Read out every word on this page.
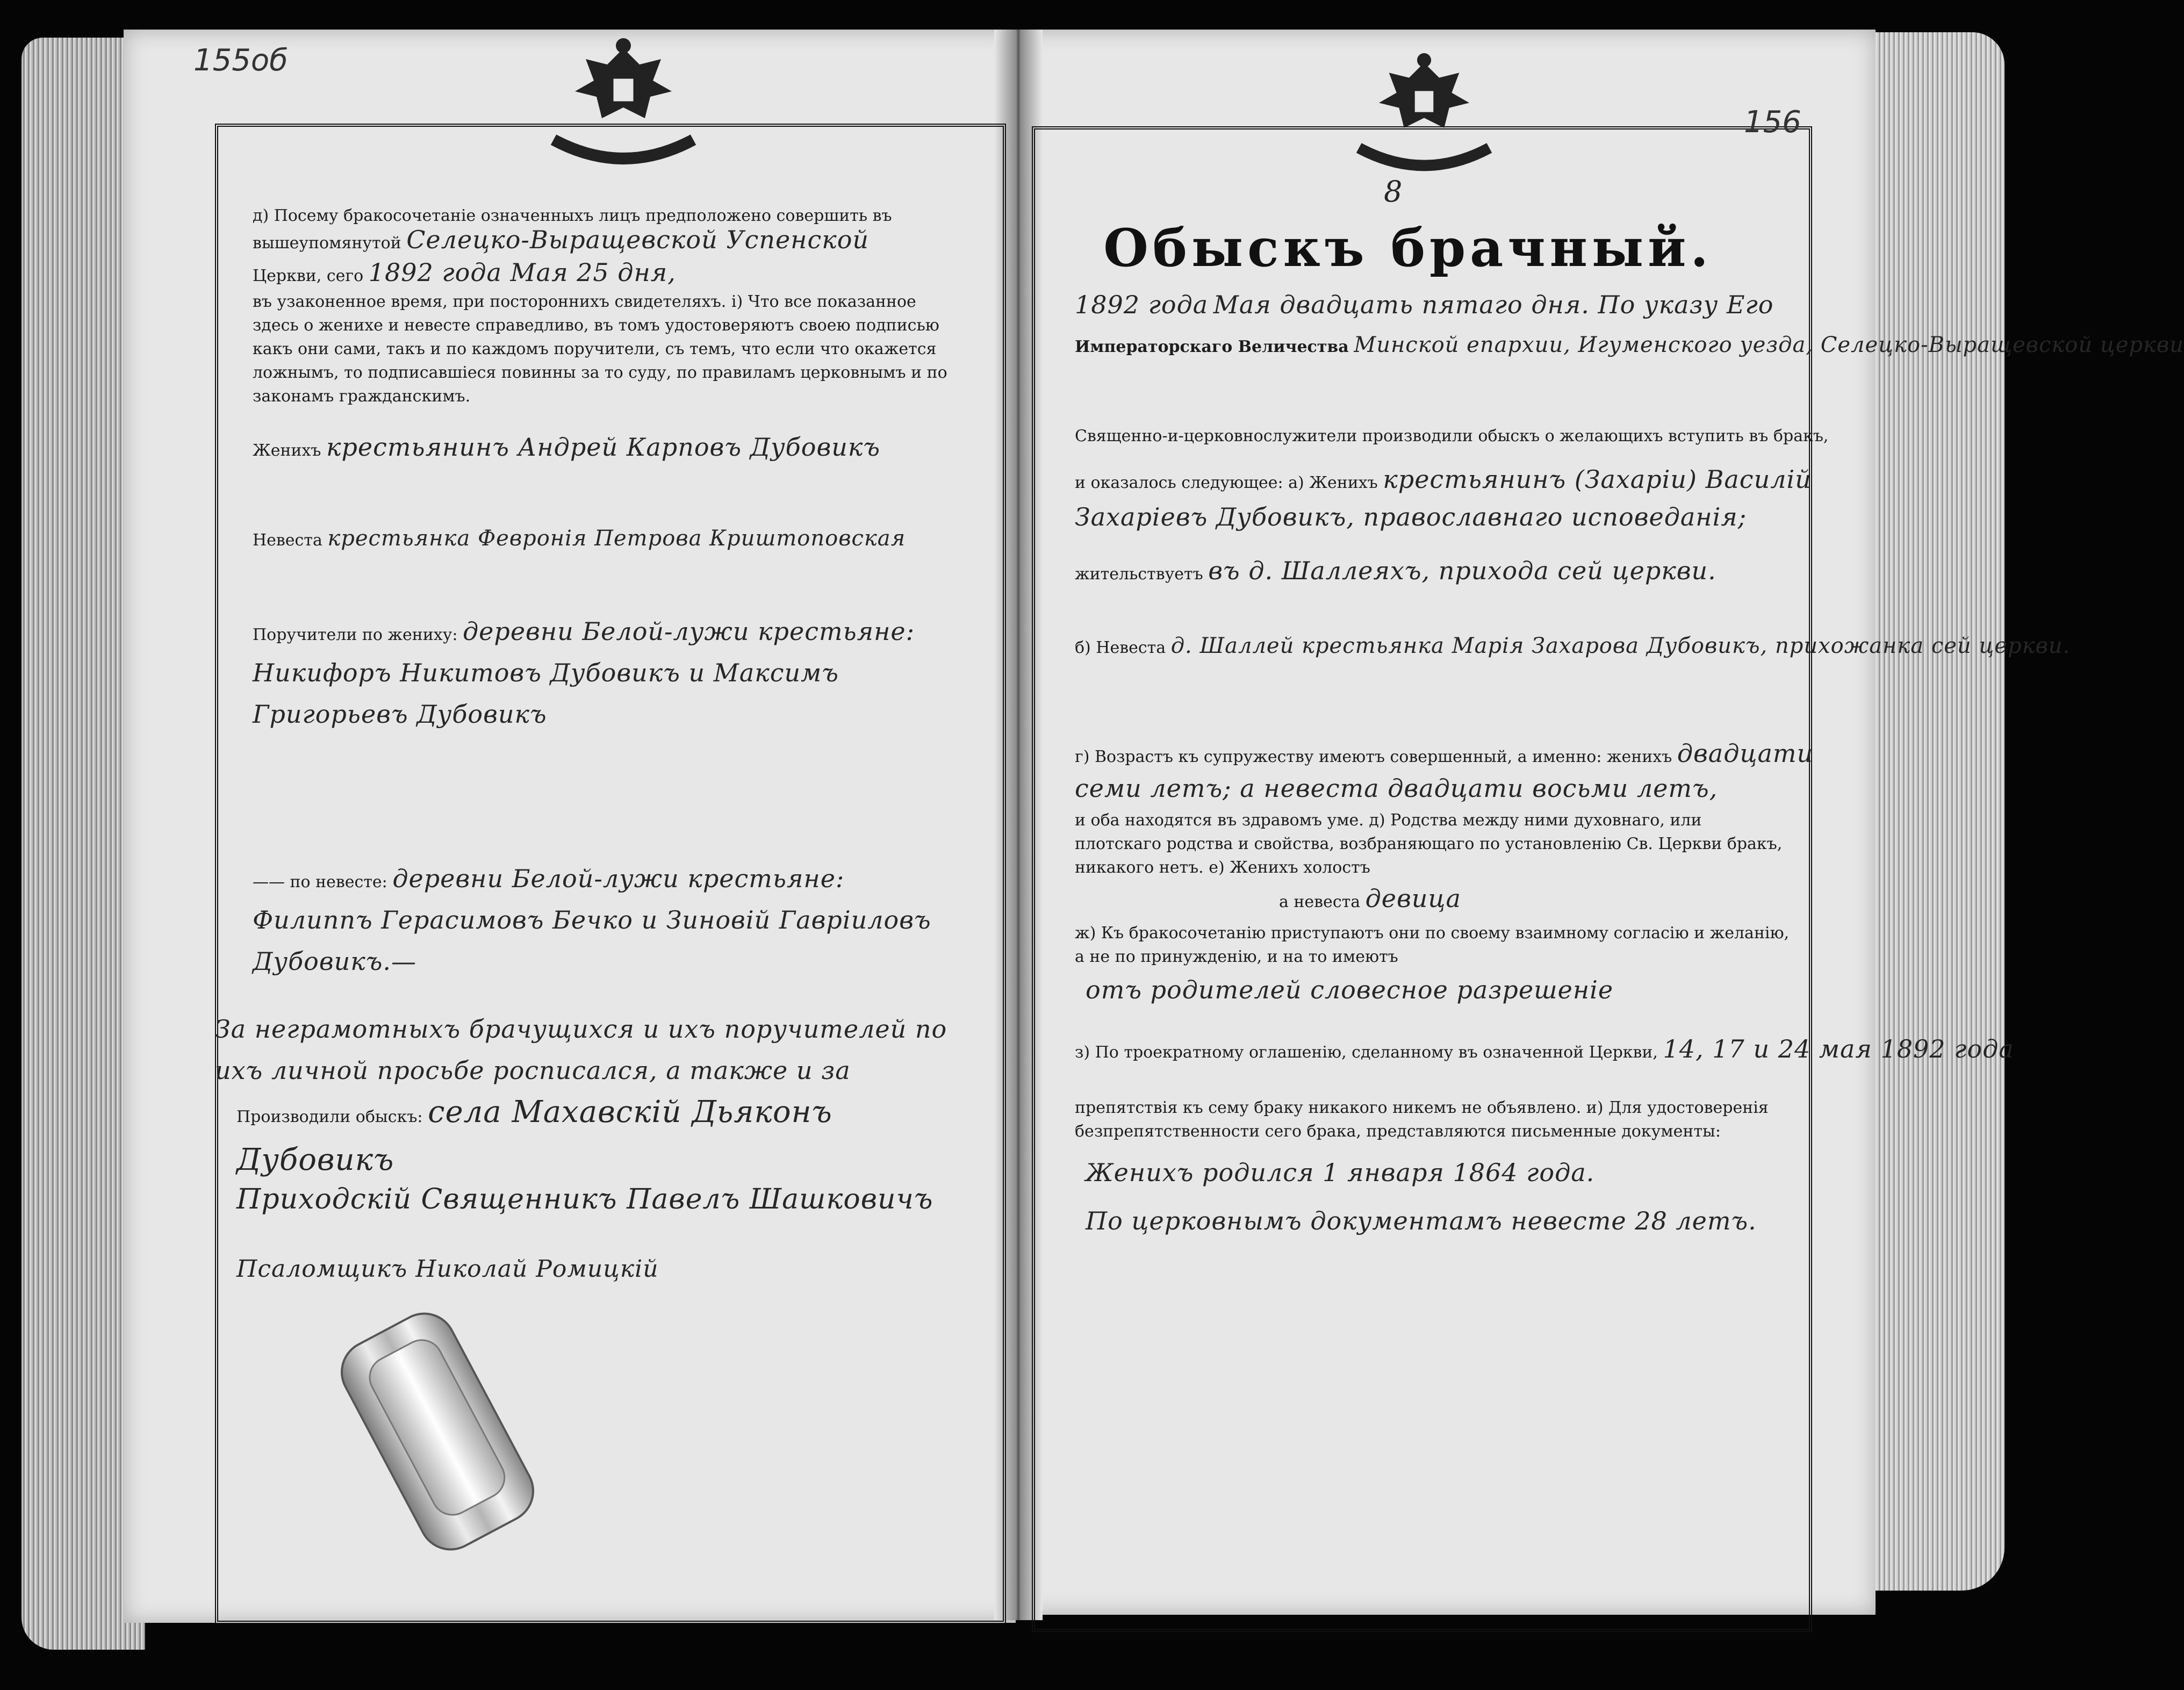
155об
156
8
Обыскъ брачный.
1892 года Мая двадцать пятаго дня. По указу Его
Императорскаго Величества Минской епархии, Игуменского уезда, Селецко-Выращевской церкви
Священно-и-церковнослужители производили обыскъ о желающихъ вступить въ бракъ,
и оказалось следующее: а) Женихъ крестьянинъ (Захарiи) Василiй
Захарiевъ Дубовикъ, православнаго исповеданiя;
жительствуетъ въ д. Шаллеяхъ, прихода сей церкви.
б) Невеста д. Шаллей крестьянка Марiя Захарова Дубовикъ, прихожанка сей церкви.
г) Возрастъ къ супружеству имеютъ совершенный, а именно: женихъ двадцати
семи летъ; а невеста двадцати восьми летъ,
и оба находятся въ здравомъ уме. д) Родства между ними духовнаго, или плотскаго родства и свойства, возбраняющаго по установленiю Св. Церкви бракъ, никакого нетъ. е) Женихъ холостъ
а невеста девица
ж) Къ бракосочетанiю приступаютъ они по своему взаимному согласiю и желанiю, а не по принужденiю, и на то имеютъ
отъ родителей словесное разрешенiе
з) По троекратному оглашенiю, сделанному въ означенной Церкви, 14, 17 и 24 мая 1892 года
препятствiя къ сему браку никакого никемъ не объявлено. и) Для удостоверенiя безпрепятственности сего брака, представляются письменные документы:
Женихъ родился 1 января 1864 года.
По церковнымъ документамъ невесте 28 летъ.
д) Посему бракосочетанiе означенныхъ лицъ предположено совершить въ вышеупомянутой Селецко-Выращевской Успенской
Церкви, сего 1892 года Мая 25 дня,
въ узаконенное время, при постороннихъ свидетеляхъ. i) Что все показанное здесь о женихе и невесте справедливо, въ томъ удостоверяютъ своею подписью какъ они сами, такъ и по каждомъ поручители, съ темъ, что если что окажется ложнымъ, то подписавшiеся повинны за то суду, по правиламъ церковнымъ и по законамъ гражданскимъ.
Женихъ крестьянинъ Андрей Карповъ Дубовикъ
Невеста крестьянка Февронiя Петрова Криштоповская
Поручители по жениху: деревни Белой-лужи крестьяне: Никифоръ Никитовъ Дубовикъ и Максимъ Григорьевъ Дубовикъ
—— по невесте: деревни Белой-лужи крестьяне: Филиппъ Герасимовъ Бечко и Зиновiй Гаврiиловъ Дубовикъ.—
За неграмотныхъ брачущихся и ихъ поручителей по ихъ личной просьбе росписался, а также и за
Производили обыскъ: села Махавскiй Дьяконъ Дубовикъ
Приходскiй Священникъ Павелъ Шашковичъ
Псаломщикъ Николай Ромицкiй
